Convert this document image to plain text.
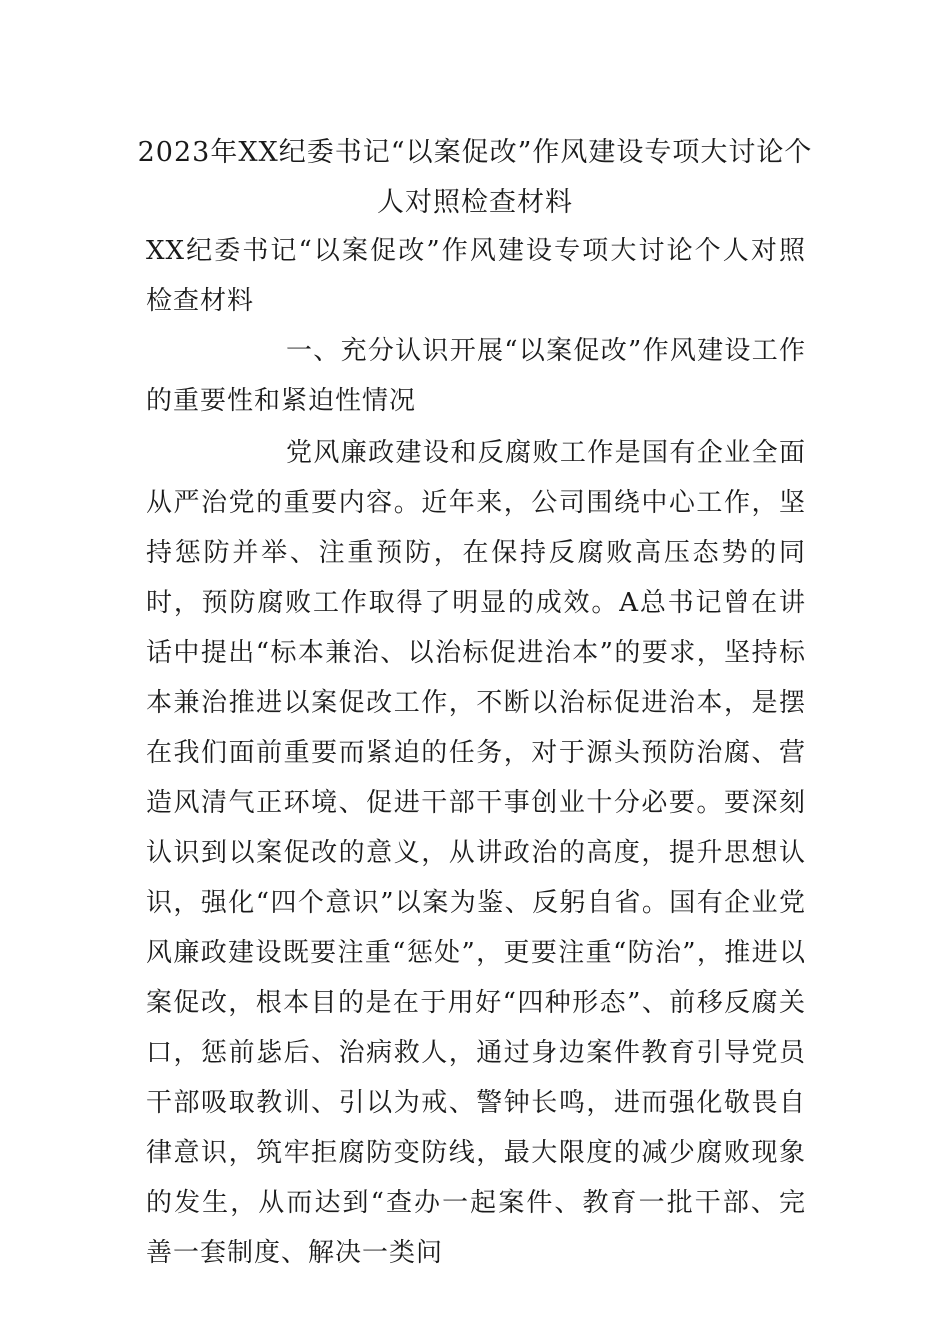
2023年XX纪委书记“以案促改”作风建设专项大讨论个人对照检查材料
XX纪委书记“以案促改”作风建设专项大讨论个人对照检查材料
一、充分认识开展“以案促改”作风建设工作的重要性和紧迫性情况
党风廉政建设和反腐败工作是国有企业全面从严治党的重要内容。近年来，公司围绕中心工作，坚持惩防并举、注重预防，在保持反腐败高压态势的同时，预防腐败工作取得了明显的成效。A总书记曾在讲话中提出“标本兼治、以治标促进治本”的要求，坚持标本兼治推进以案促改工作，不断以治标促进治本，是摆在我们面前重要而紧迫的任务，对于源头预防治腐、营造风清气正环境、促进干部干事创业十分必要。要深刻认识到以案促改的意义，从讲政治的高度，提升思想认识，强化“四个意识”以案为鉴、反躬自省。国有企业党风廉政建设既要注重“惩处”，更要注重“防治”，推进以案促改，根本目的是在于用好“四种形态”、前移反腐关口，惩前毖后、治病救人，通过身边案件教育引导党员干部吸取教训、引以为戒、警钟长鸣，进而强化敬畏自律意识，筑牢拒腐防变防线，最大限度的减少腐败现象的发生，从而达到“查办一起案件、教育一批干部、完善一套制度、解决一类问
